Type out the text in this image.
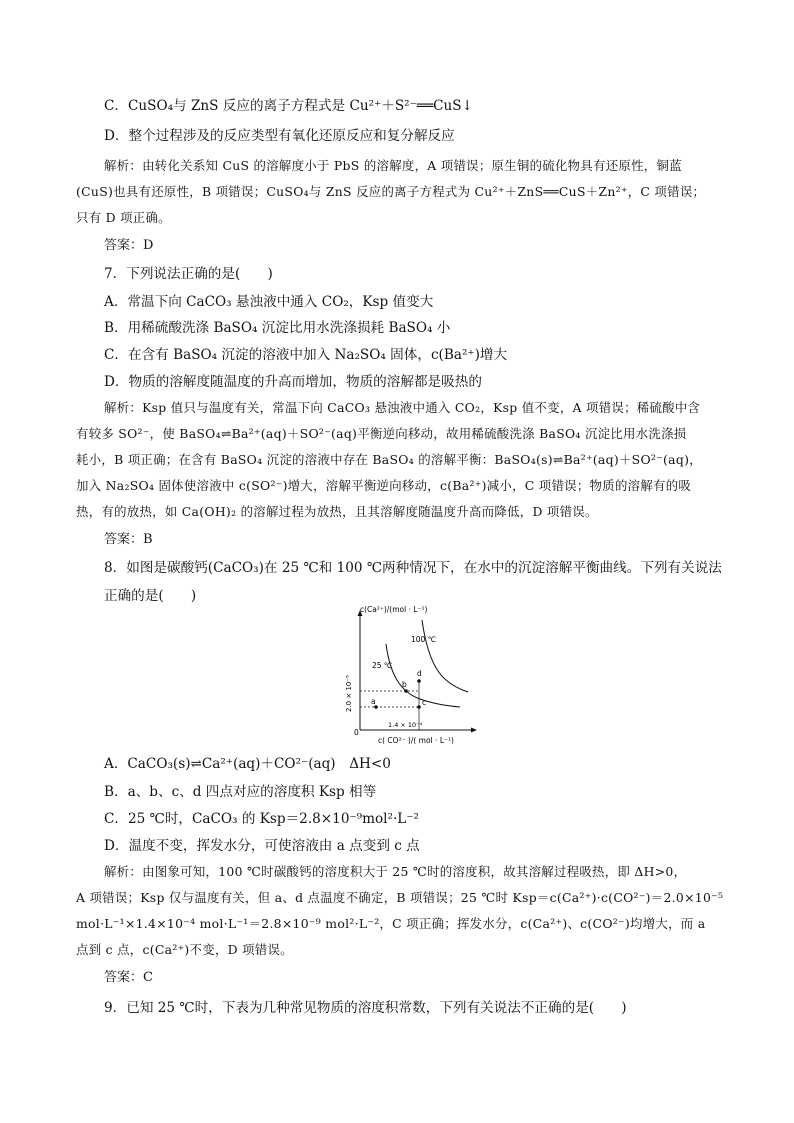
C．CuSO₄与 ZnS 反应的离子方程式是 Cu²⁺＋S²⁻══CuS↓
D．整个过程涉及的反应类型有氧化还原反应和复分解反应
解析：由转化关系知 CuS 的溶解度小于 PbS 的溶解度，A 项错误；原生铜的硫化物具有还原性，铜蓝
(CuS)也具有还原性，B 项错误；CuSO₄与 ZnS 反应的离子方程式为 Cu²⁺＋ZnS══CuS＋Zn²⁺，C 项错误；
只有 D 项正确。
答案：D
7．下列说法正确的是(　　)
A．常温下向 CaCO₃ 悬浊液中通入 CO₂，Ksp 值变大
B．用稀硫酸洗涤 BaSO₄ 沉淀比用水洗涤损耗 BaSO₄ 小
C．在含有 BaSO₄ 沉淀的溶液中加入 Na₂SO₄ 固体，c(Ba²⁺)增大
D．物质的溶解度随温度的升高而增加，物质的溶解都是吸热的
解析：Ksp 值只与温度有关，常温下向 CaCO₃ 悬浊液中通入 CO₂，Ksp 值不变，A 项错误；稀硫酸中含
有较多 SO²⁻，使 BaSO₄⇌Ba²⁺(aq)＋SO²⁻(aq)平衡逆向移动，故用稀硫酸洗涤 BaSO₄ 沉淀比用水洗涤损
耗小，B 项正确；在含有 BaSO₄ 沉淀的溶液中存在 BaSO₄ 的溶解平衡：BaSO₄(s)⇌Ba²⁺(aq)＋SO²⁻(aq)，
加入 Na₂SO₄ 固体使溶液中 c(SO²⁻)增大，溶解平衡逆向移动，c(Ba²⁺)减小，C 项错误；物质的溶解有的吸
热，有的放热，如 Ca(OH)₂ 的溶解过程为放热，且其溶解度随温度升高而降低，D 项错误。
答案：B
8．如图是碳酸钙(CaCO₃)在 25 ℃和 100 ℃两种情况下，在水中的沉淀溶解平衡曲线。下列有关说法
正确的是(　　)
A．CaCO₃(s)⇌Ca²⁺(aq)＋CO²⁻(aq)　ΔH<0
B．a、b、c、d 四点对应的溶度积 Ksp 相等
C．25 ℃时，CaCO₃ 的 Ksp＝2.8×10⁻⁹mol²·L⁻²
D．温度不变，挥发水分，可使溶液由 a 点变到 c 点
解析：由图象可知，100 ℃时碳酸钙的溶度积大于 25 ℃时的溶度积，故其溶解过程吸热，即 ΔH>0，
A 项错误；Ksp 仅与温度有关，但 a、d 点温度不确定，B 项错误；25 ℃时 Ksp＝c(Ca²⁺)·c(CO²⁻)＝2.0×10⁻⁵
mol·L⁻¹×1.4×10⁻⁴ mol·L⁻¹＝2.8×10⁻⁹ mol²·L⁻²，C 项正确；挥发水分，c(Ca²⁺)、c(CO²⁻)均增大，而 a
点到 c 点，c(Ca²⁺)不变，D 项错误。
答案：C
9．已知 25 ℃时，下表为几种常见物质的溶度积常数，下列有关说法不正确的是(　　)
c(Ca²⁺)/(mol · L⁻¹)
0
c( CO²⁻ )/( mol · L⁻¹)
100 ℃
25 ℃
a
b
c
d
2.0 × 10⁻⁵
1.4 × 10⁻⁴
